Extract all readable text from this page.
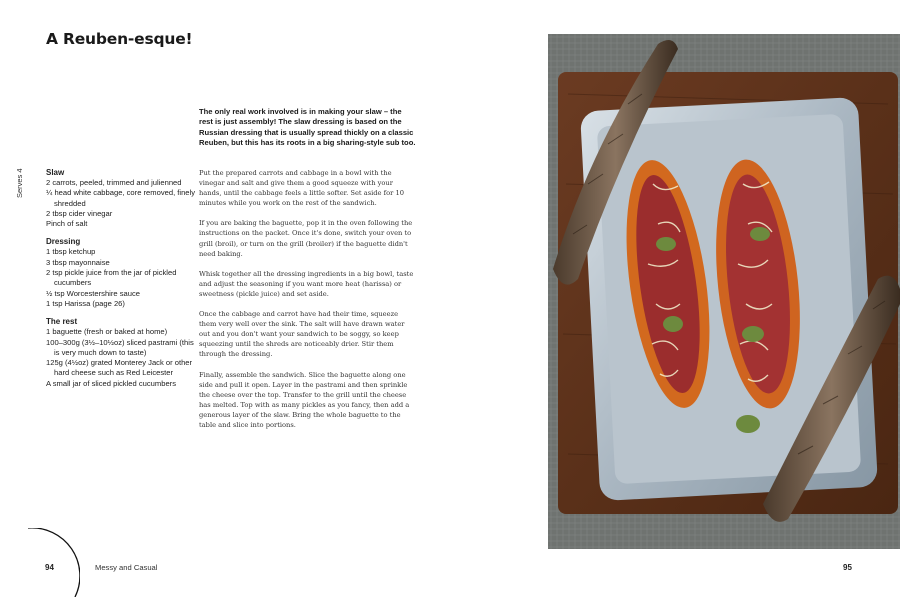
A Reuben-esque!
Serves 4	Slaw

2 carrots, peeled, trimmed and julienned

¼ head white cabbage, core removed, finely shredded

2 tbsp cider vinegar

Pinch of salt

Dressing

1 tbsp ketchup

3 tbsp mayonnaise

2 tsp pickle juice from the jar of pickled cucumbers

½ tsp Worcestershire sauce

1 tsp Harissa (page 26)

The rest

1 baguette (fresh or baked at home)

100–300g (3½–10½oz) sliced pastrami (this is very much down to taste)

125g (4½oz) grated Monterey Jack or other hard cheese such as Red Leicester

A small jar of sliced pickled cucumbers

The only real work involved is in making your slaw – the rest is just assembly! The slaw dressing is based on the Russian dressing that is usually spread thickly on a classic Reuben, but this has its roots in a big sharing-style sub too.

Put the prepared carrots and cabbage in a bowl with the vinegar and salt and give them a good squeeze with your hands, until the cabbage feels a little softer. Set aside for 10 minutes while you work on the rest of the sandwich.

If you are baking the baguette, pop it in the oven following the instructions on the packet. Once it's done, switch your oven to grill (broil), or turn on the grill (broiler) if the baguette didn't need baking.

Whisk together all the dressing ingredients in a big bowl, taste and adjust the seasoning if you want more heat (harissa) or sweetness (pickle juice) and set aside.

Once the cabbage and carrot have had their time, squeeze them very well over the sink. The salt will have drawn water out and you don't want your sandwich to be soggy, so keep squeezing until the shreds are noticeably drier. Stir them through the dressing.

Finally, assemble the sandwich. Slice the baguette along one side and pull it open. Layer in the pastrami and then sprinkle the cheese over the top. Transfer to the grill until the cheese has melted. Top with as many pickles as you fancy, then add a generous layer of the slaw. Bring the whole baguette to the table and slice into portions.

94	Messy and Casual	95
